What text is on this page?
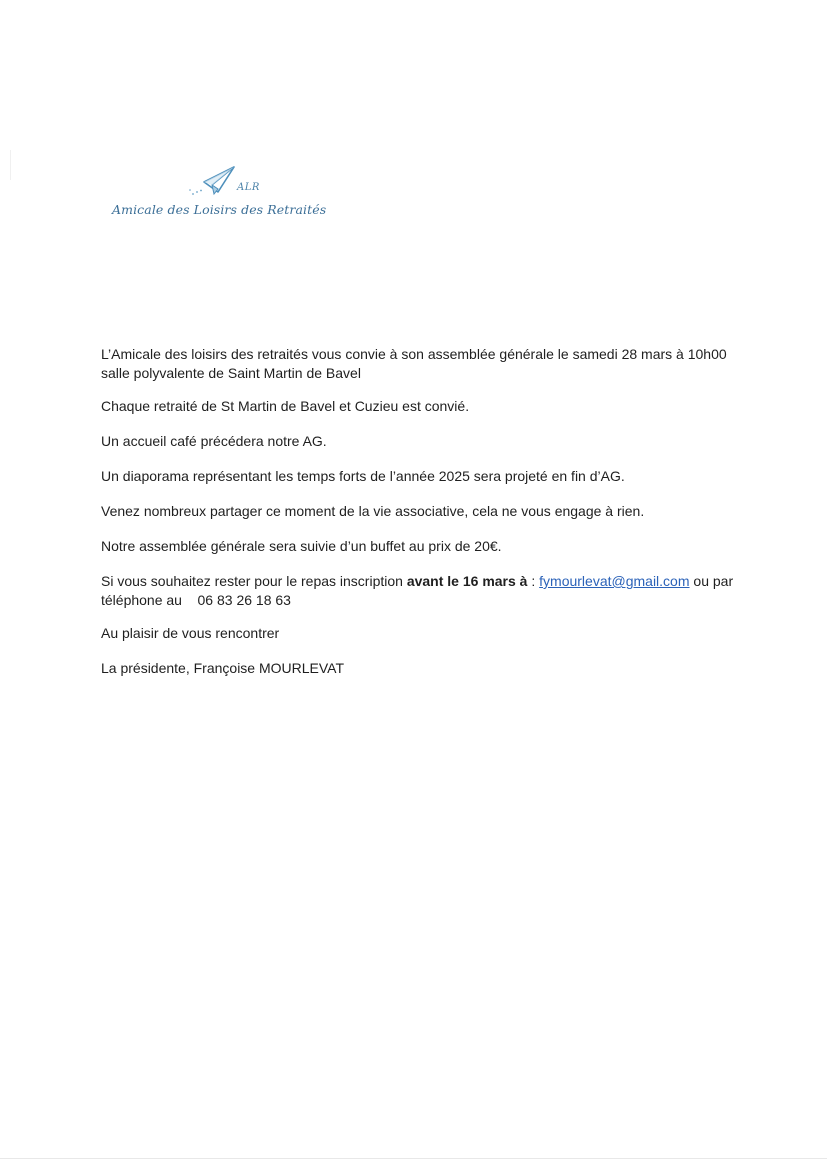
ALR
Amicale des Loisirs des Retraités

L’Amicale des loisirs des retraités vous convie à son assemblée générale le samedi 28 mars à 10h00
salle polyvalente de Saint Martin de Bavel

Chaque retraité de St Martin de Bavel et Cuzieu est convié.

Un accueil café précédera notre AG.

Un diaporama représentant les temps forts de l’année 2025 sera projeté en fin d’AG.

Venez nombreux partager ce moment de la vie associative, cela ne vous engage à rien.

Notre assemblée générale sera suivie d’un buffet au prix de 20€.

Si vous souhaitez rester pour le repas inscription avant le 16 mars à : fymourlevat@gmail.com ou par
téléphone au    06 83 26 18 63

Au plaisir de vous rencontrer

La présidente, Françoise MOURLEVAT
